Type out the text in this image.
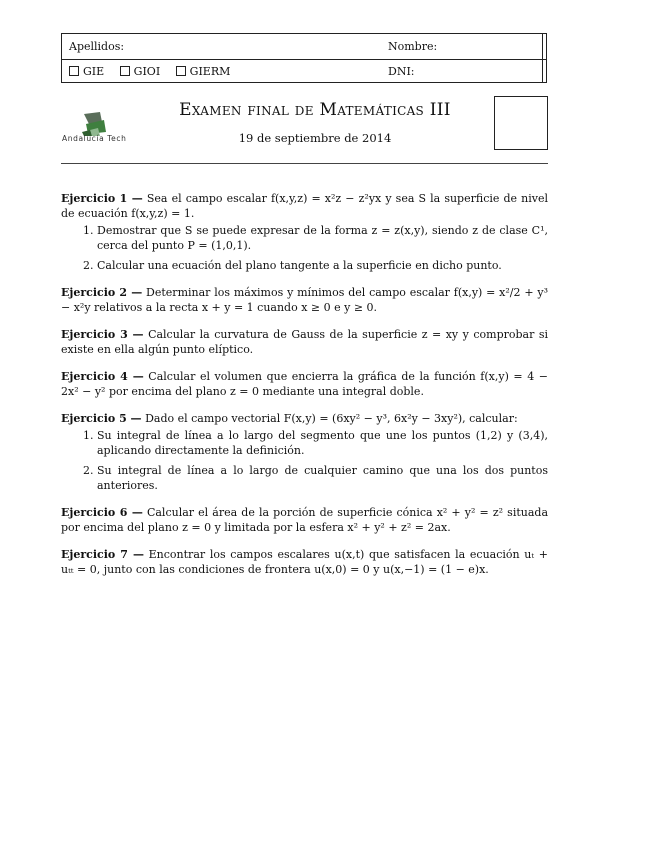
Apellidos:	Nombre:
GIE	GIOI	GIERM	DNI:
Andalucía Tech
Examen final de Matemáticas III
19 de septiembre de 2014
Ejercicio 1 — Sea el campo escalar f(x,y,z) = x²z − z²yx y sea S la superficie de nivel de ecuación f(x,y,z) = 1.
1. Demostrar que S se puede expresar de la forma z = z(x,y), siendo z de clase C¹, cerca del punto P = (1,0,1).
2. Calcular una ecuación del plano tangente a la superficie en dicho punto.
Ejercicio 2 — Determinar los máximos y mínimos del campo escalar f(x,y) = x²/2 + y³ − x²y relativos a la recta x + y = 1 cuando x ≥ 0 e y ≥ 0.
Ejercicio 3 — Calcular la curvatura de Gauss de la superficie z = xy y comprobar si existe en ella algún punto elíptico.
Ejercicio 4 — Calcular el volumen que encierra la gráfica de la función f(x,y) = 4 − 2x² − y² por encima del plano z = 0 mediante una integral doble.
Ejercicio 5 — Dado el campo vectorial F(x,y) = (6xy² − y³, 6x²y − 3xy²), calcular:
1. Su integral de línea a lo largo del segmento que une los puntos (1,2) y (3,4), aplicando directamente la definición.
2. Su integral de línea a lo largo de cualquier camino que una los dos puntos anteriores.
Ejercicio 6 — Calcular el área de la porción de superficie cónica x² + y² = z² situada por encima del plano z = 0 y limitada por la esfera x² + y² + z² = 2ax.
Ejercicio 7 — Encontrar los campos escalares u(x,t) que satisfacen la ecuación uₜ + uₜₜ = 0, junto con las condiciones de frontera u(x,0) = 0 y u(x,−1) = (1 − e)x.
